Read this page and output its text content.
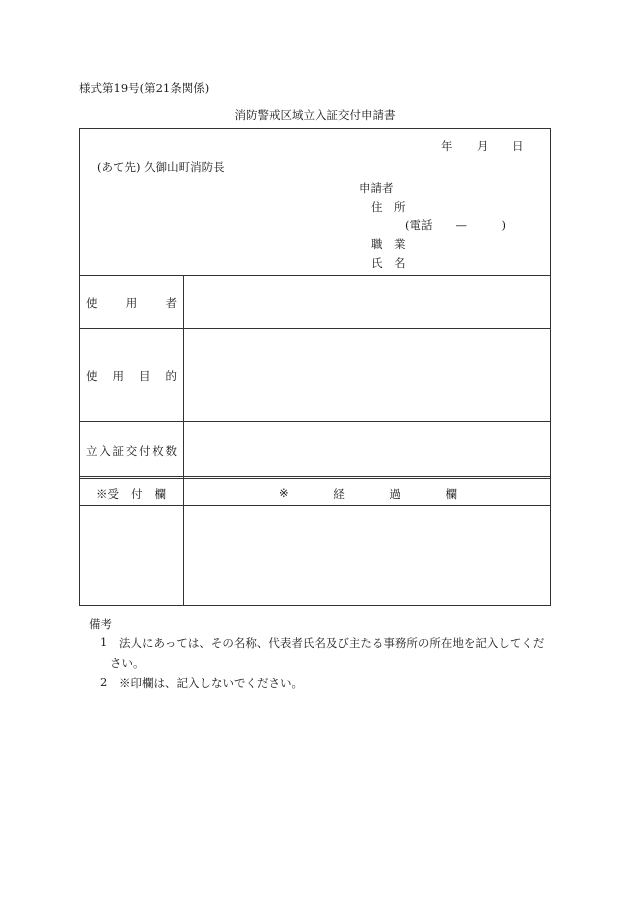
様式第19号(第21条関係)
消防警戒区域立入証交付申請書
年 月 日
(あて先) 久御山町消防長
申請者
住　所
(電話　　—　　　)
職　業
氏　名
使 用 者
使 用 目 的
立 入 証 交 付 枚 数
※受 付 欄	※	経	過	欄
備考
1 法人にあっては、その名称、代表者氏名及び主たる事務所の所在地を記入してくだ
さい。
2 ※印欄は、記入しないでください。
